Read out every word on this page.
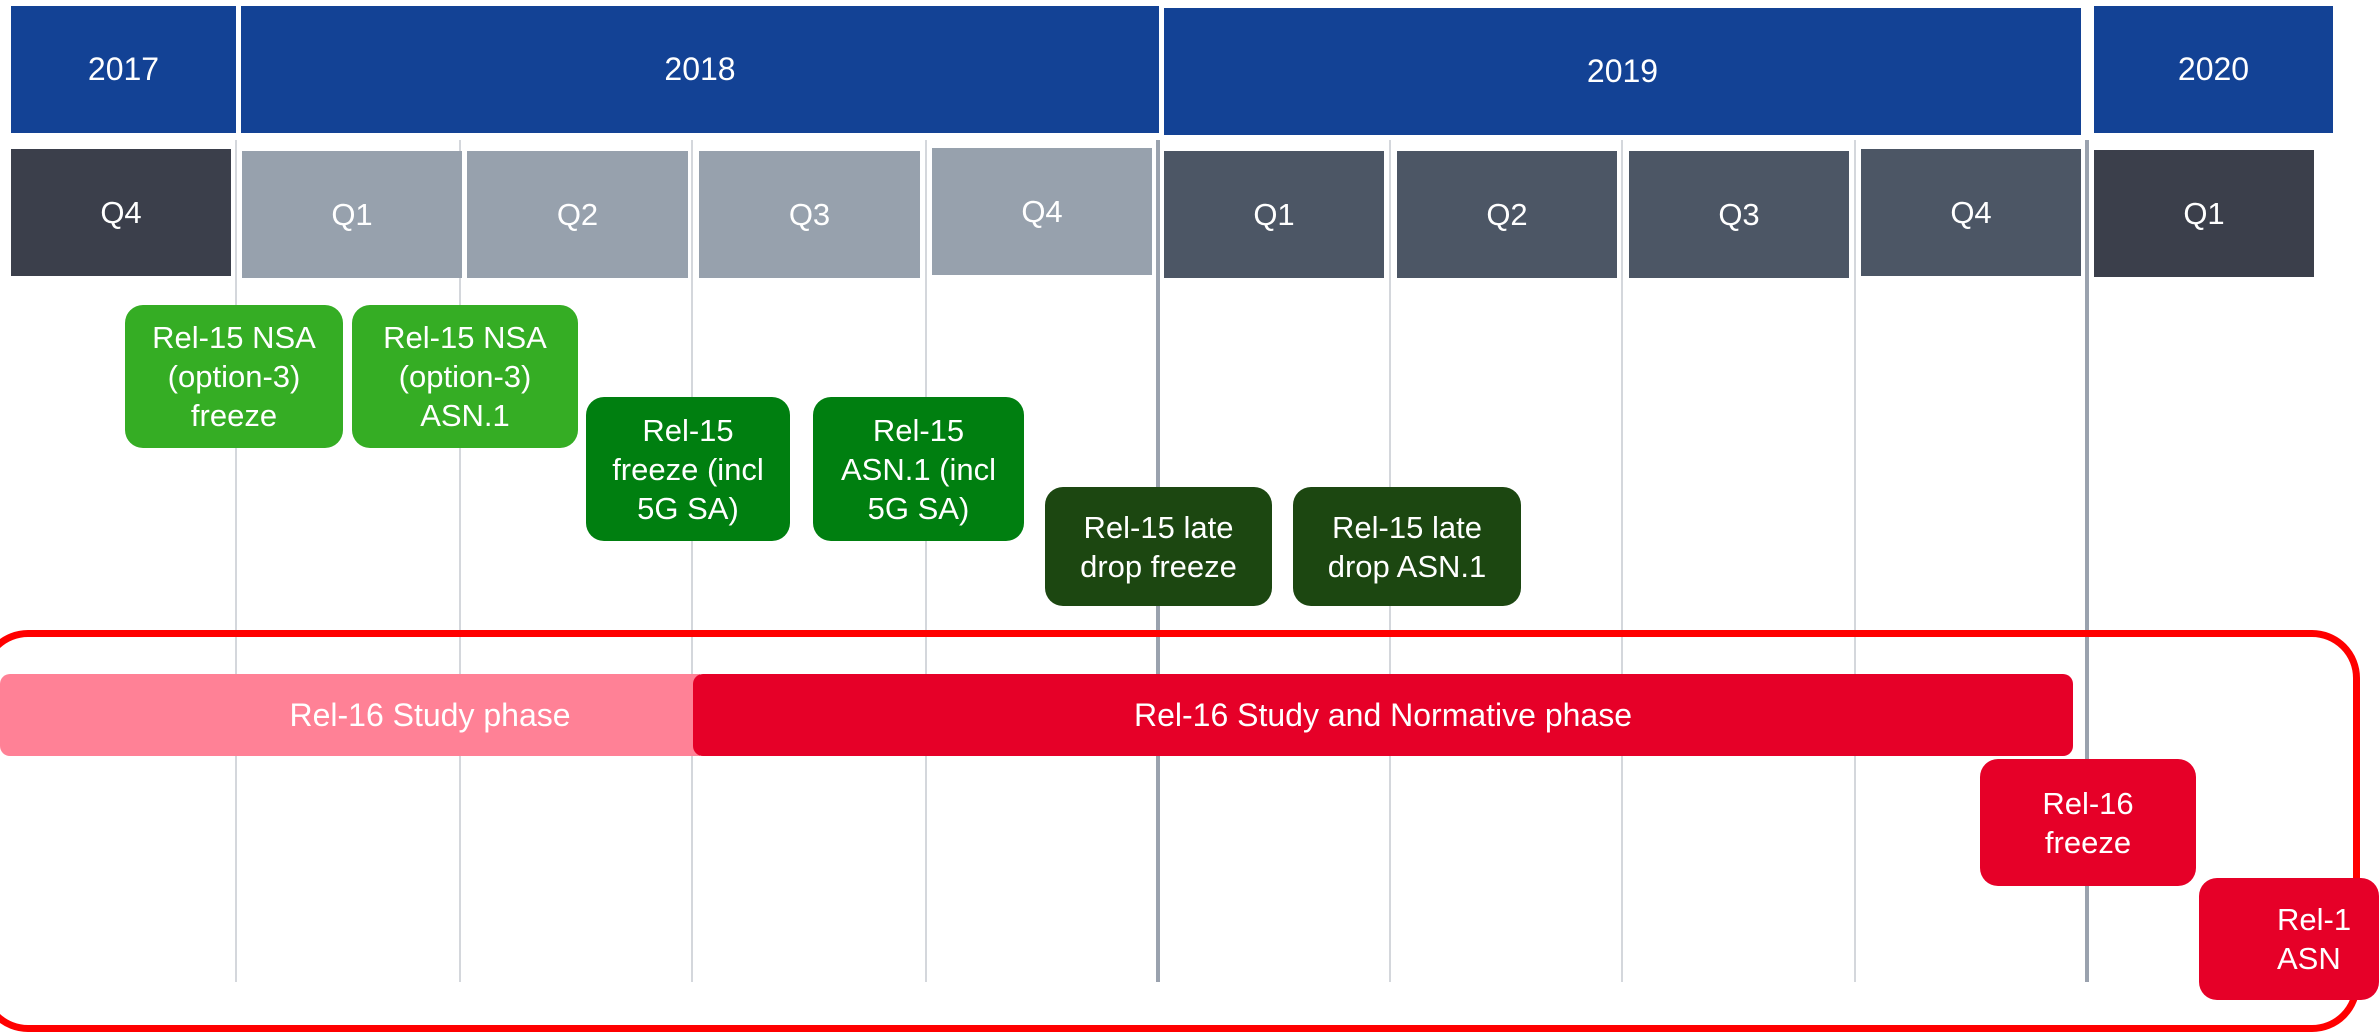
2017	2018	2019	2020
Q4	Q1	Q2	Q3	Q4	Q1	Q2	Q3	Q4	Q1
Rel-15 NSA
(option-3)
freeze
Rel-15 NSA
(option-3)
ASN.1	Rel-15
freeze (incl
5G SA)
Rel-15
ASN.1 (incl
5G SA)
Rel-15 late
drop freeze
Rel-15 late
drop ASN.1
Rel-16 Study phase	Rel-16 Study and Normative phase
Rel-16
freeze
Rel-1
ASN
